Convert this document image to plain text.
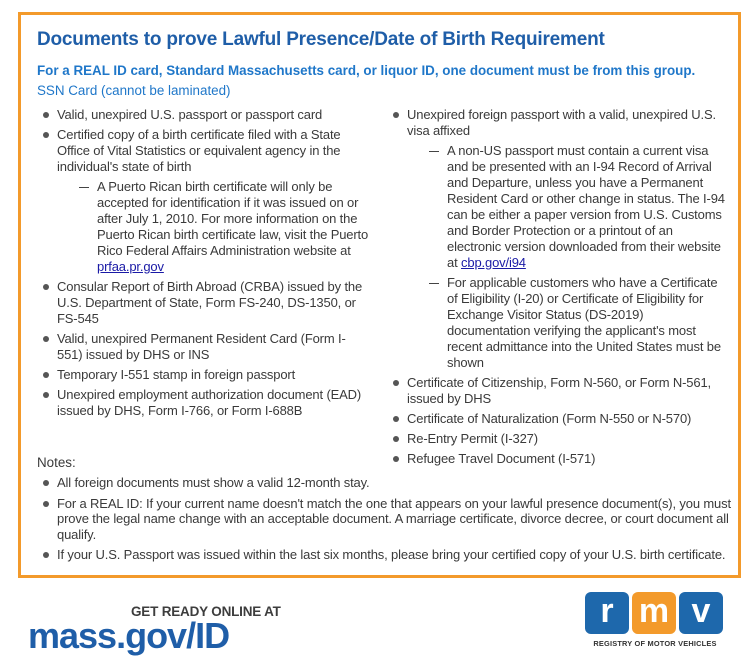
Documents to prove Lawful Presence/Date of Birth Requirement
For a REAL ID card, Standard Massachusetts card, or liquor ID, one document must be from this group.
SSN Card (cannot be laminated)
Valid, unexpired U.S. passport or passport card
Certified copy of a birth certificate filed with a State Office of Vital Statistics or equivalent agency in the individual's state of birth
A Puerto Rican birth certificate will only be accepted for identification if it was issued on or after July 1, 2010. For more information on the Puerto Rican birth certificate law, visit the Puerto Rico Federal Affairs Administration website at prfaa.pr.gov
Consular Report of Birth Abroad (CRBA) issued by the U.S. Department of State, Form FS-240, DS-1350, or FS-545
Valid, unexpired Permanent Resident Card (Form I-551) issued by DHS or INS
Temporary I-551 stamp in foreign passport
Unexpired employment authorization document (EAD) issued by DHS, Form I-766, or Form I-688B
Unexpired foreign passport with a valid, unexpired U.S. visa affixed
A non-US passport must contain a current visa and be presented with an I-94 Record of Arrival and Departure, unless you have a Permanent Resident Card or other change in status. The I-94 can be either a paper version from U.S. Customs and Border Protection or a printout of an electronic version downloaded from their website at cbp.gov/i94
For applicable customers who have a Certificate of Eligibility (I-20) or Certificate of Eligibility for Exchange Visitor Status (DS-2019) documentation verifying the applicant's most recent admittance into the United States must be shown
Certificate of Citizenship, Form N-560, or Form N-561, issued by DHS
Certificate of Naturalization (Form N-550 or N-570)
Re-Entry Permit (I-327)
Refugee Travel Document (I-571)
Notes:
All foreign documents must show a valid 12-month stay.
For a REAL ID: If your current name doesn't match the one that appears on your lawful presence document(s), you must prove the legal name change with an acceptable document. A marriage certificate, divorce decree, or court document all qualify.
If your U.S. Passport was issued within the last six months, please bring your certified copy of your U.S. birth certificate.
GET READY ONLINE AT
mass.gov/ID
r m v
REGISTRY OF MOTOR VEHICLES
